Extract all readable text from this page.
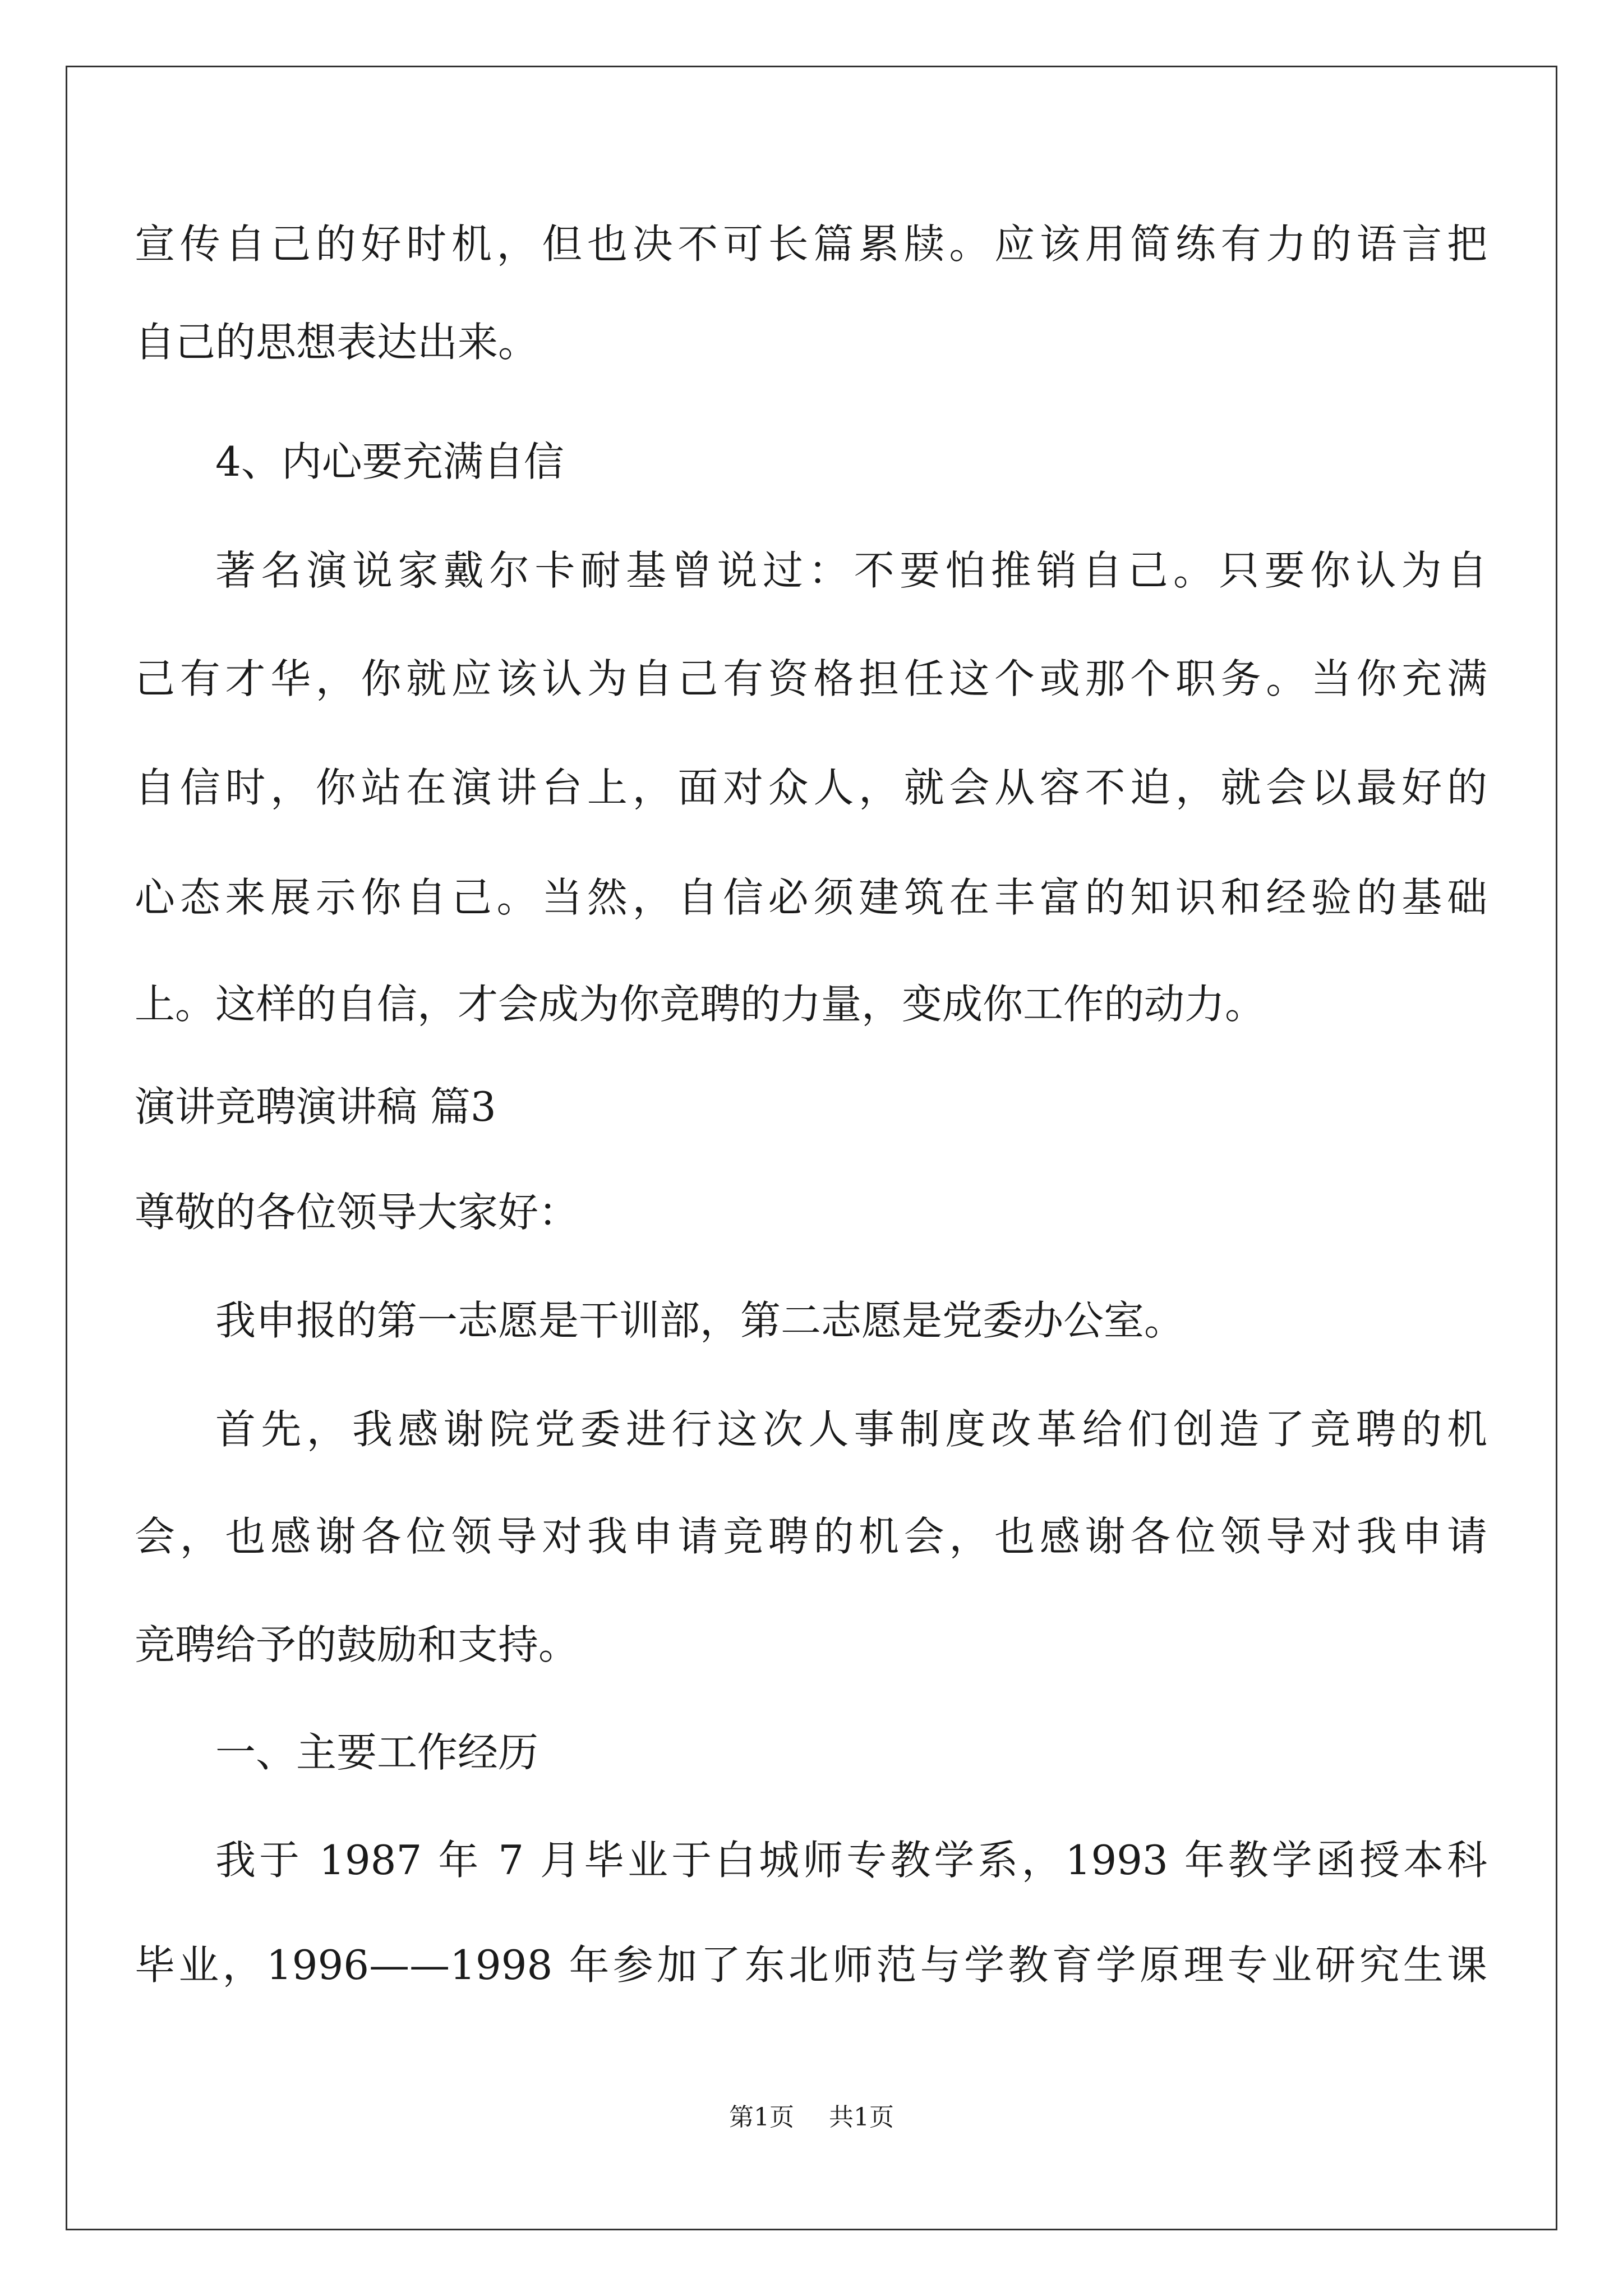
宣传自己的好时机，但也决不可长篇累牍。应该用简练有力的语言把
自己的思想表达出来。
4、内心要充满自信
著名演说家戴尔卡耐基曾说过：不要怕推销自己。只要你认为自
己有才华，你就应该认为自己有资格担任这个或那个职务。当你充满
自信时，你站在演讲台上，面对众人，就会从容不迫，就会以最好的
心态来展示你自己。当然，自信必须建筑在丰富的知识和经验的基础
上。这样的自信，才会成为你竞聘的力量，变成你工作的动力。
演讲竞聘演讲稿 篇3
尊敬的各位领导大家好：
我申报的第一志愿是干训部，第二志愿是党委办公室。
首先，我感谢院党委进行这次人事制度改革给们创造了竞聘的机
会，也感谢各位领导对我申请竞聘的机会，也感谢各位领导对我申请
竞聘给予的鼓励和支持。
一、主要工作经历
我于 1987 年 7 月毕业于白城师专教学系，1993 年教学函授本科
毕业，1996——1998 年参加了东北师范与学教育学原理专业研究生课
第1页 共1页
